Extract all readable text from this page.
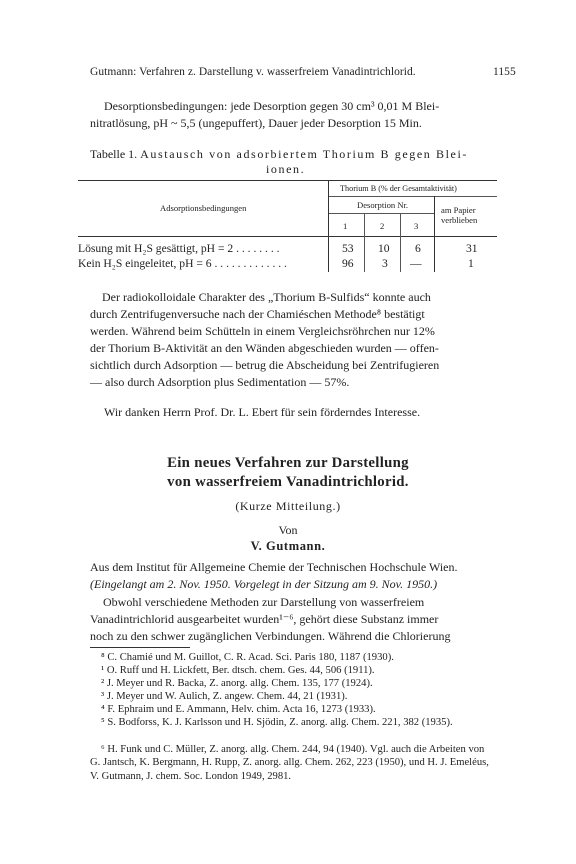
Gutmann: Verfahren z. Darstellung v. wasserfreiem Vanadintrichlorid.	1155
Desorptionsbedingungen: jede Desorption gegen 30 cm³ 0,01 M Blei-
nitratlösung, pH ~ 5,5 (ungepuffert), Dauer jeder Desorption 15 Min.
Tabelle 1. Austausch von adsorbiertem Thorium B gegen Blei-
ionen.
Adsorptionsbedingungen
Thorium B (% der Gesamtaktivität)
Desorption Nr.	am Papier
verblieben
1	2	3
Lösung mit H₂S gesättigt, pH = 2 . . . . . . . .	53 10 6	31
Kein H₂S eingeleitet, pH = 6 . . . . . . . . . . . . .	96 3 —	1
Der radiokolloidale Charakter des „Thorium B-Sulfids“ konnte auch
durch Zentrifugenversuche nach der Chamiéschen Methode⁸ bestätigt
werden. Während beim Schütteln in einem Vergleichsröhrchen nur 12%
der Thorium B-Aktivität an den Wänden abgeschieden wurden — offen-
sichtlich durch Adsorption — betrug die Abscheidung bei Zentrifugieren
— also durch Adsorption plus Sedimentation — 57%.
Wir danken Herrn Prof. Dr. L. Ebert für sein förderndes Interesse.
Ein neues Verfahren zur Darstellung
von wasserfreiem Vanadintrichlorid.
(Kurze Mitteilung.)
Von
V. Gutmann.
Aus dem Institut für Allgemeine Chemie der Technischen Hochschule Wien.
(Eingelangt am 2. Nov. 1950. Vorgelegt in der Sitzung am 9. Nov. 1950.)
Obwohl verschiedene Methoden zur Darstellung von wasserfreiem
Vanadintrichlorid ausgearbeitet wurden¹⁻⁶, gehört diese Substanz immer
noch zu den schwer zugänglichen Verbindungen. Während die Chlorierung
⁸ C. Chamié und M. Guillot, C. R. Acad. Sci. Paris 180, 1187 (1930).
¹ O. Ruff und H. Lickfett, Ber. dtsch. chem. Ges. 44, 506 (1911).
² J. Meyer und R. Backa, Z. anorg. allg. Chem. 135, 177 (1924).
³ J. Meyer und W. Aulich, Z. angew. Chem. 44, 21 (1931).
⁴ F. Ephraim und E. Ammann, Helv. chim. Acta 16, 1273 (1933).
⁵ S. Bodforss, K. J. Karlsson und H. Sjödin, Z. anorg. allg. Chem. 221, 382 (1935).
⁶ H. Funk und C. Müller, Z. anorg. allg. Chem. 244, 94 (1940). Vgl. auch die Arbeiten von G. Jantsch, K. Bergmann, H. Rupp, Z. anorg. allg. Chem. 262, 223 (1950), und H. J. Emeléus, V. Gutmann, J. chem. Soc. London 1949, 2981.
